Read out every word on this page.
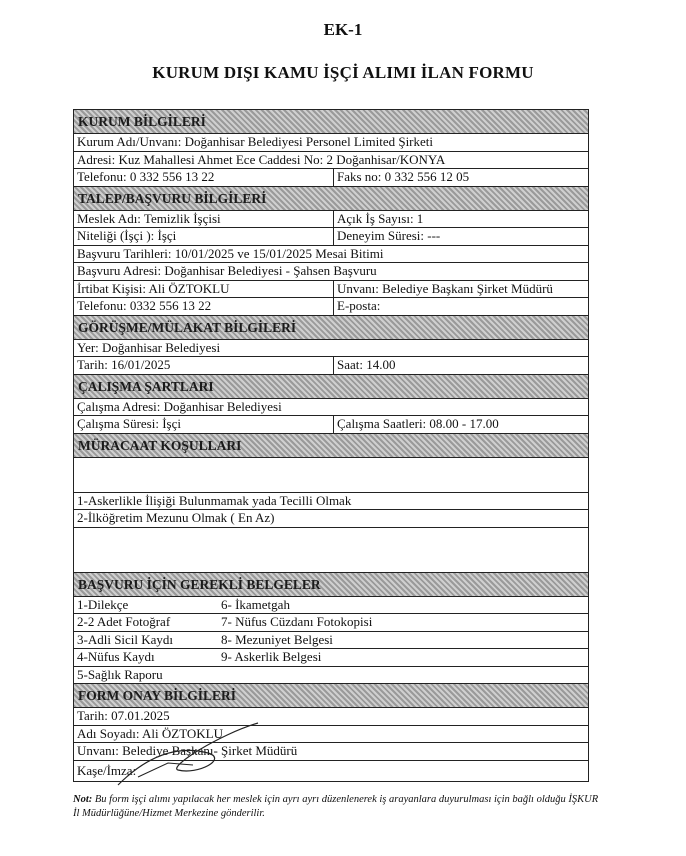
EK-1
KURUM DIŞI KAMU İŞÇİ ALIMI İLAN FORMU
KURUM BİLGİLERİ
Kurum Adı/Unvanı: Doğanhisar Belediyesi Personel Limited Şirketi
Adresi: Kuz Mahallesi Ahmet Ece Caddesi No: 2 Doğanhisar/KONYA
Telefonu: 0 332 556 13 22	Faks no: 0 332 556 12 05
TALEP/BAŞVURU BİLGİLERİ
Meslek Adı: Temizlik İşçisi	Açık İş Sayısı: 1
Niteliği (İşçi ): İşçi	Deneyim Süresi: ---
Başvuru Tarihleri: 10/01/2025 ve 15/01/2025 Mesai Bitimi
Başvuru Adresi: Doğanhisar Belediyesi - Şahsen Başvuru
İrtibat Kişisi: Ali ÖZTOKLU	Unvanı: Belediye Başkanı Şirket Müdürü
Telefonu: 0332 556 13 22	E-posta:
GÖRÜŞME/MÜLAKAT BİLGİLERİ
Yer: Doğanhisar Belediyesi
Tarih: 16/01/2025	Saat: 14.00
ÇALIŞMA ŞARTLARI
Çalışma Adresi: Doğanhisar Belediyesi
Çalışma Süresi: İşçi	Çalışma Saatleri: 08.00 - 17.00
MÜRACAAT KOŞULLARI
1-Askerlikle İlişiği Bulunmamak yada Tecilli Olmak
2-İlköğretim Mezunu Olmak ( En Az)
BAŞVURU İÇİN GEREKLİ BELGELER
1-Dilekçe	6- İkametgah
2-2 Adet Fotoğraf	7- Nüfus Cüzdanı Fotokopisi
3-Adli Sicil Kaydı	8- Mezuniyet Belgesi
4-Nüfus Kaydı	9- Askerlik Belgesi
5-Sağlık Raporu
FORM ONAY BİLGİLERİ
Tarih: 07.01.2025
Adı Soyadı: Ali ÖZTOKLU
Unvanı: Belediye Başkanı- Şirket Müdürü
Kaşe/İmza:
Not: Bu form işçi alımı yapılacak her meslek için ayrı ayrı düzenlenerek iş arayanlara duyurulması için bağlı olduğu İŞKUR İl Müdürlüğüne/Hizmet Merkezine gönderilir.
